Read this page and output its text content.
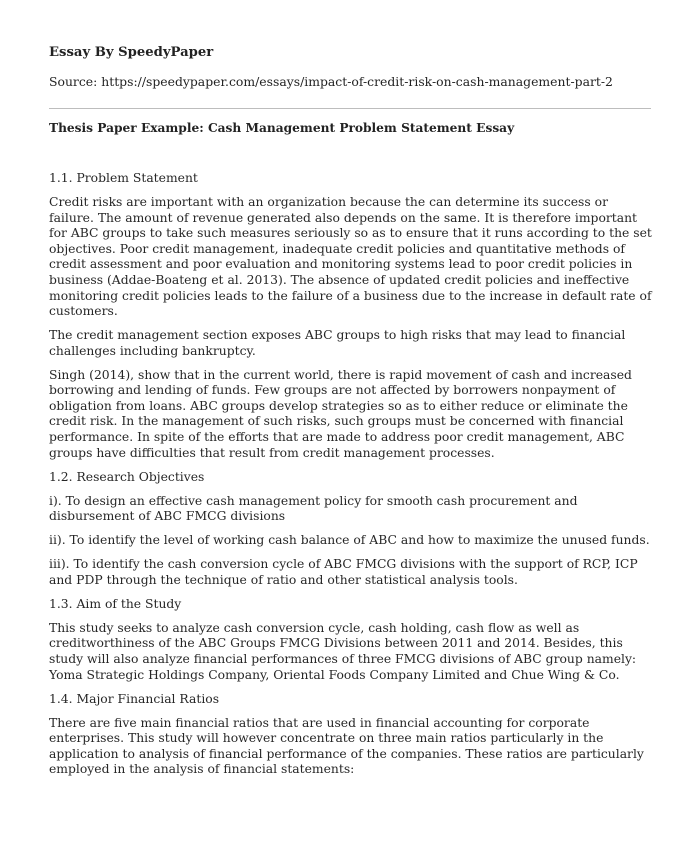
Essay By SpeedyPaper
Source: https://speedypaper.com/essays/impact-of-credit-risk-on-cash-management-part-2
Thesis Paper Example: Cash Management Problem Statement Essay

1.1. Problem Statement

Credit risks are important with an organization because the can determine its success or failure. The amount of revenue generated also depends on the same. It is therefore important for ABC groups to take such measures seriously so as to ensure that it runs according to the set objectives. Poor credit management, inadequate credit policies and quantitative methods of credit assessment and poor evaluation and monitoring systems lead to poor credit policies in business (Addae-Boateng et al. 2013). The absence of updated credit policies and ineffective monitoring credit policies leads to the failure of a business due to the increase in default rate of customers.

The credit management section exposes ABC groups to high risks that may lead to financial challenges including bankruptcy.

Singh (2014), show that in the current world, there is rapid movement of cash and increased borrowing and lending of funds. Few groups are not affected by borrowers nonpayment of obligation from loans. ABC groups develop strategies so as to either reduce or eliminate the credit risk. In the management of such risks, such groups must be concerned with financial performance. In spite of the efforts that are made to address poor credit management, ABC groups have difficulties that result from credit management processes.

1.2. Research Objectives

i). To design an effective cash management policy for smooth cash procurement and disbursement of ABC FMCG divisions

ii). To identify the level of working cash balance of ABC and how to maximize the unused funds.

iii). To identify the cash conversion cycle of ABC FMCG divisions with the support of RCP, ICP and PDP through the technique of ratio and other statistical analysis tools.

1.3. Aim of the Study

This study seeks to analyze cash conversion cycle, cash holding, cash flow as well as creditworthiness of the ABC Groups FMCG Divisions between 2011 and 2014. Besides, this study will also analyze financial performances of three FMCG divisions of ABC group namely: Yoma Strategic Holdings Company, Oriental Foods Company Limited and Chue Wing & Co.

1.4. Major Financial Ratios

There are five main financial ratios that are used in financial accounting for corporate enterprises. This study will however concentrate on three main ratios particularly in the application to analysis of financial performance of the companies. These ratios are particularly employed in the analysis of financial statements:
